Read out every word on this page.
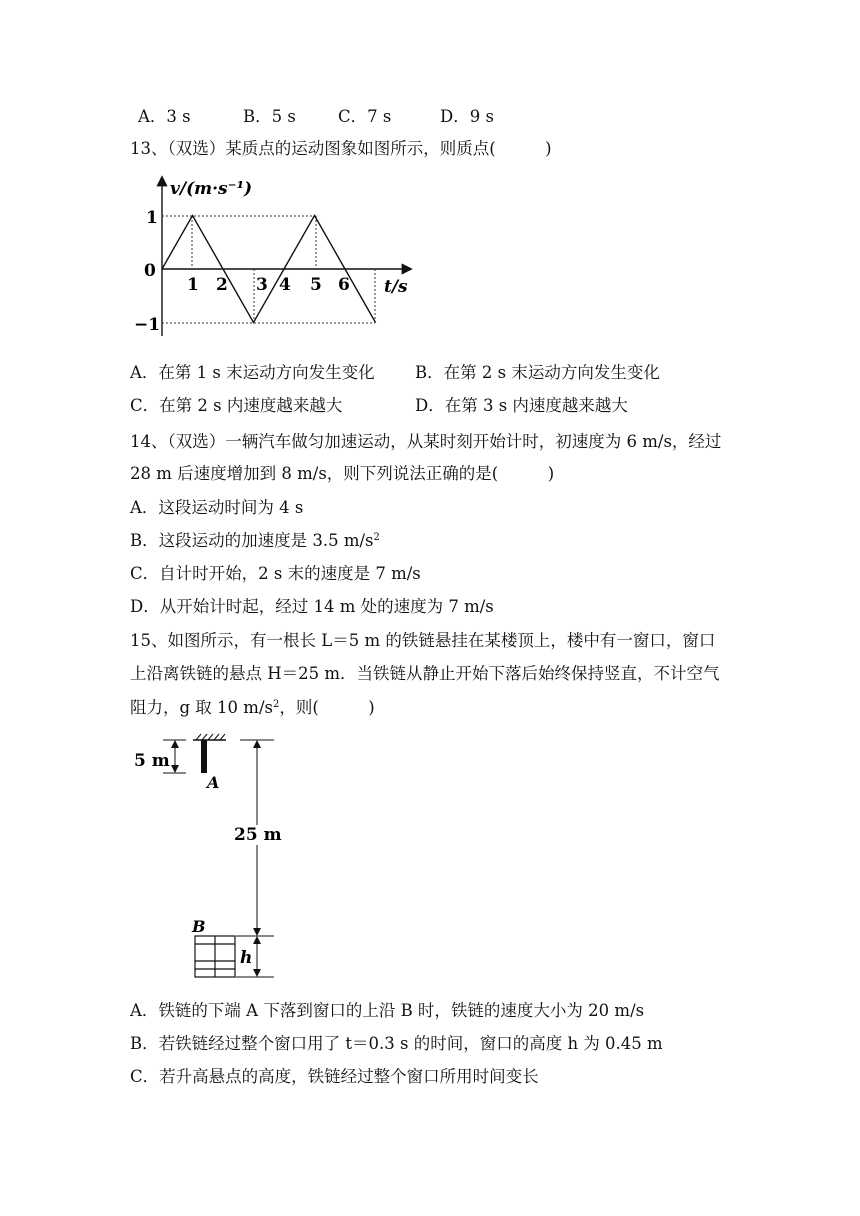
A．3 s	B．5 s	C．7 s	D．9 s
13、（双选）某质点的运动图象如图所示，则质点(　　　)
v/(m·s⁻¹)
1
0
−1
1 2 3 4 5 6 t/s
A．在第 1 s 末运动方向发生变化 B．在第 2 s 末运动方向发生变化
C．在第 2 s 内速度越来越大	D．在第 3 s 内速度越来越大
14、（双选）一辆汽车做匀加速运动，从某时刻开始计时，初速度为 6 m/s，经过
28 m 后速度增加到 8 m/s，则下列说法正确的是(　　　)
A．这段运动时间为 4 s
B．这段运动的加速度是 3.5 $m/s^2$
C．自计时开始，2 s 末的速度是 7 m/s
D．从开始计时起，经过 14 m 处的速度为 7 m/s
15、如图所示，有一根长 L＝5 m 的铁链悬挂在某楼顶上，楼中有一窗口，窗口
上沿离铁链的悬点 H＝25 m．当铁链从静止开始下落后始终保持竖直，不计空气
阻力，g 取 10 $m/s^2$，则(　　　)
5 m
A
25 m
B
h
A．铁链的下端 A 下落到窗口的上沿 B 时，铁链的速度大小为 20 m/s
B．若铁链经过整个窗口用了 t＝0.3 s 的时间，窗口的高度 h 为 0.45 m
C．若升高悬点的高度，铁链经过整个窗口所用时间变长
